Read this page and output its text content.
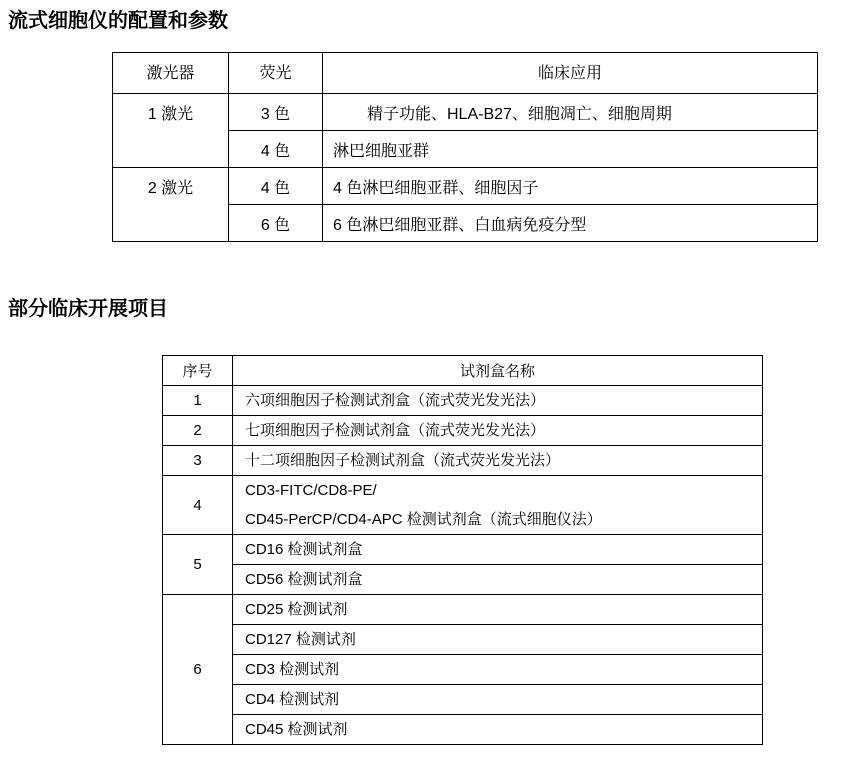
流式细胞仪的配置和参数
激光器	荧光	临床应用
1 激光	3 色	精子功能、HLA-B27、细胞凋亡、细胞周期
	4 色	淋巴细胞亚群
2 激光	4 色	4 色淋巴细胞亚群、细胞因子
	6 色	6 色淋巴细胞亚群、白血病免疫分型
部分临床开展项目
序号	试剂盒名称
1	六项细胞因子检测试剂盒（流式荧光发光法）
2	七项细胞因子检测试剂盒（流式荧光发光法）
3	十二项细胞因子检测试剂盒（流式荧光发光法）
4	CD3-FITC/CD8-PE/
CD45-PerCP/CD4-APC 检测试剂盒（流式细胞仪法）

5	CD16 检测试剂盒
	CD56 检测试剂盒
6	CD25 检测试剂
	CD127 检测试剂
	CD3 检测试剂
	CD4 检测试剂
	CD45 检测试剂
